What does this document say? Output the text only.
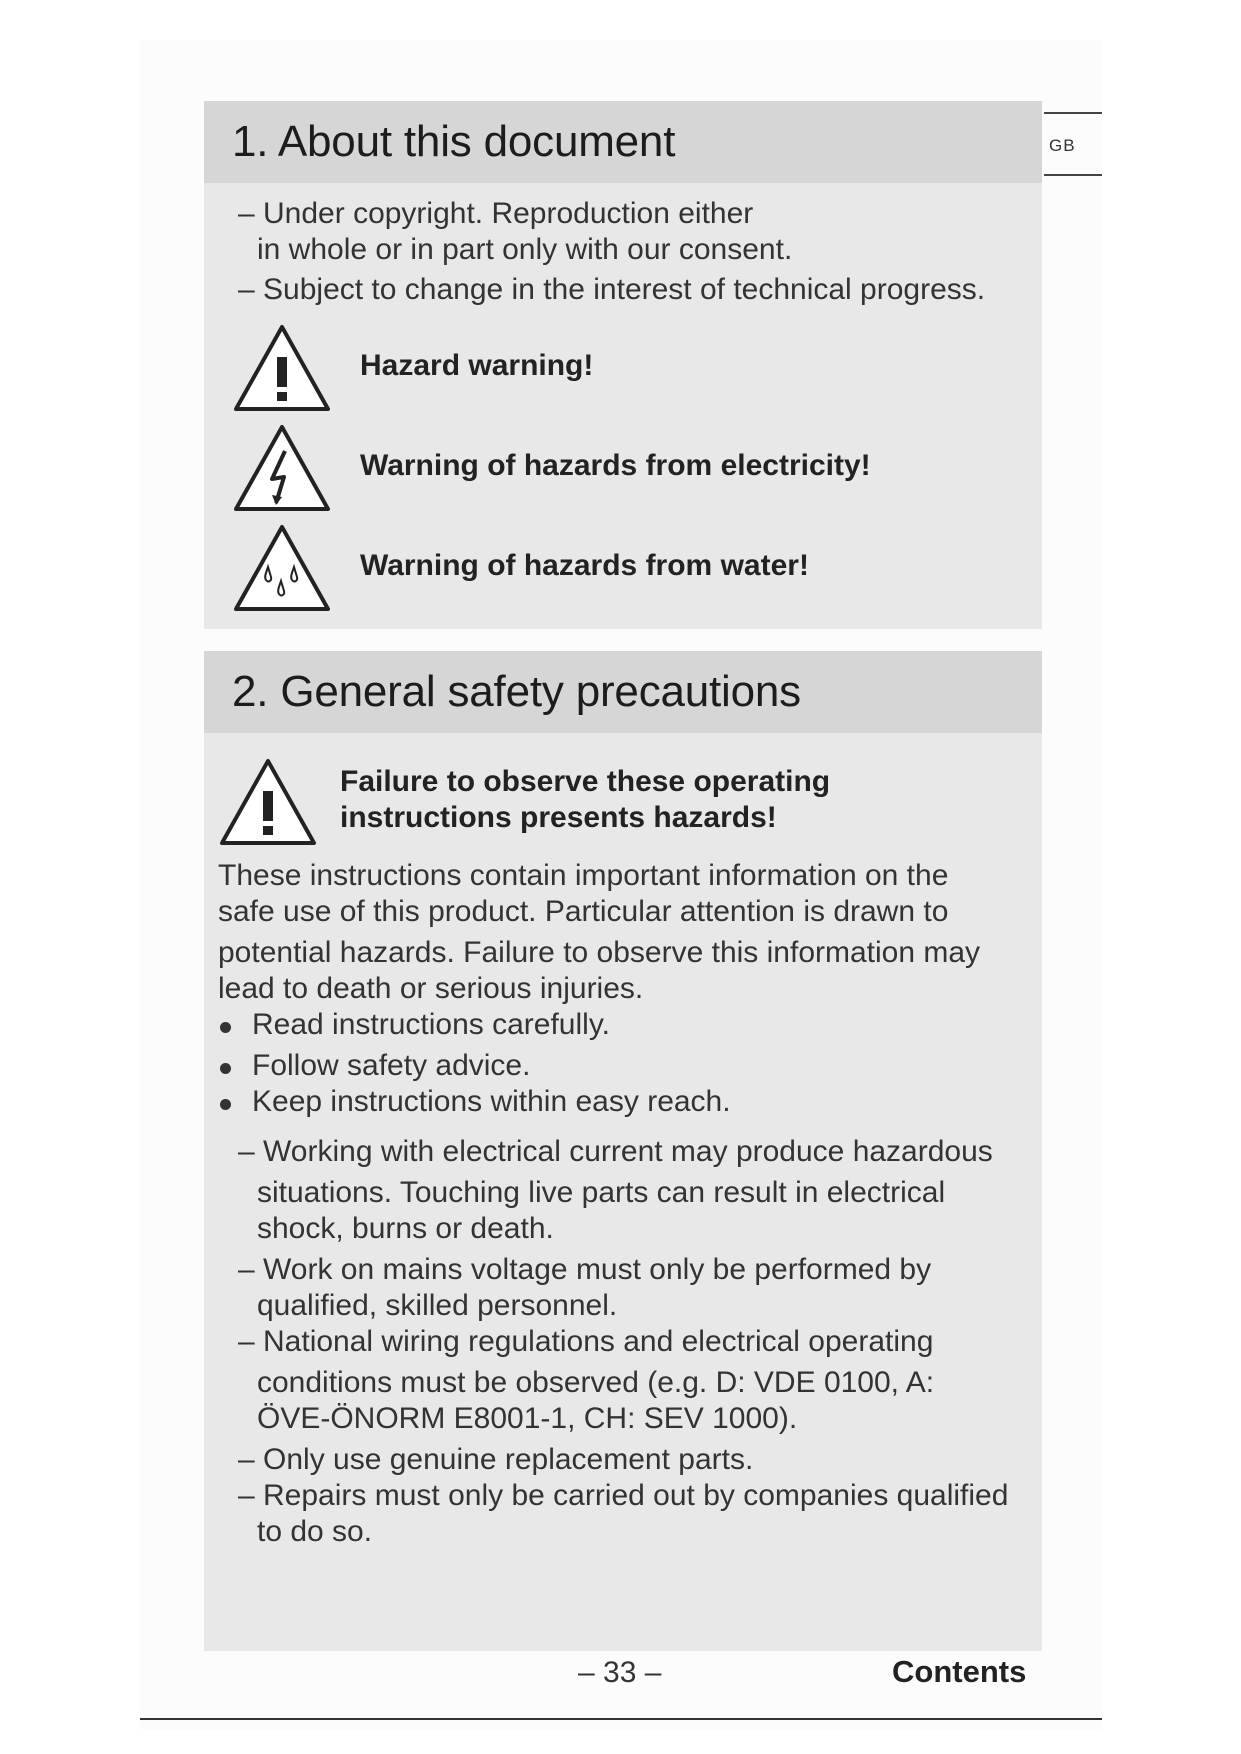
GB
1. About this document
– Under copyright. Reproduction either
in whole or in part only with our consent.
– Subject to change in the interest of technical progress.
Hazard warning!
Warning of hazards from electricity!
Warning of hazards from water!
2. General safety precautions
Failure to observe these operating
instructions presents hazards!
These instructions contain important information on the
safe use of this product. Particular attention is drawn to
potential hazards. Failure to observe this information may
lead to death or serious injuries.
Read instructions carefully.
Follow safety advice.
Keep instructions within easy reach.
– Working with electrical current may produce hazardous
situations. Touching live parts can result in electrical
shock, burns or death.
– Work on mains voltage must only be performed by
qualified, skilled personnel.
– National wiring regulations and electrical operating
conditions must be observed (e.g. D: VDE 0100, A:
ÖVE-ÖNORM E8001-1, CH: SEV 1000).
– Only use genuine replacement parts.
– Repairs must only be carried out by companies qualified
to do so.
– 33 –	Contents
